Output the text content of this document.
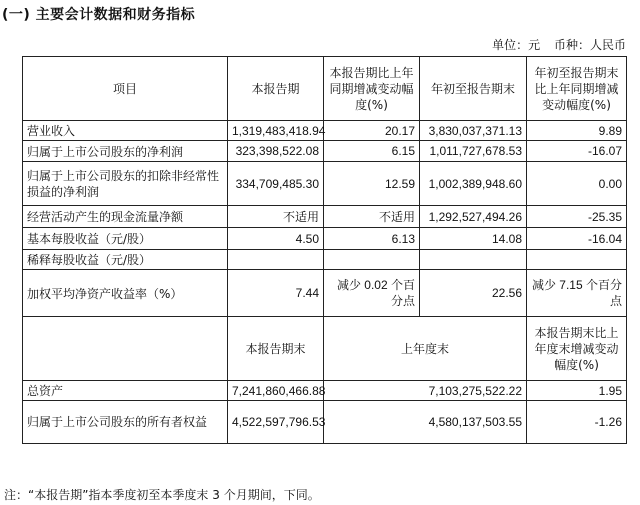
(一) 主要会计数据和财务指标
单位：元 币种：人民币
项目	本报告期	本报告期比上年同期增减变动幅度(%)	年初至报告期末	年初至报告期末比上年同期增减变动幅度(%)
营业收入	1,319,483,418.94	20.17	3,830,037,371.13	9.89
归属于上市公司股东的净利润	323,398,522.08	6.15	1,011,727,678.53	-16.07
归属于上市公司股东的扣除非经常性损益的净利润	334,709,485.30	12.59	1,002,389,948.60	0.00
经营活动产生的现金流量净额	不适用	不适用	1,292,527,494.26	-25.35
基本每股收益（元/股）	4.50	6.13	14.08	-16.04
稀释每股收益（元/股）				
加权平均净资产收益率（%）	7.44	减少 0.02 个百分点	22.56	减少 7.15 个百分点
	本报告期末	上年度末		本报告期末比上年度末增减变动幅度(%)
总资产	7,241,860,466.88	7,103,275,522.22		1.95
归属于上市公司股东的所有者权益	4,522,597,796.53	4,580,137,503.55		-1.26
注：“本报告期”指本季度初至本季度末 3 个月期间，下同。
